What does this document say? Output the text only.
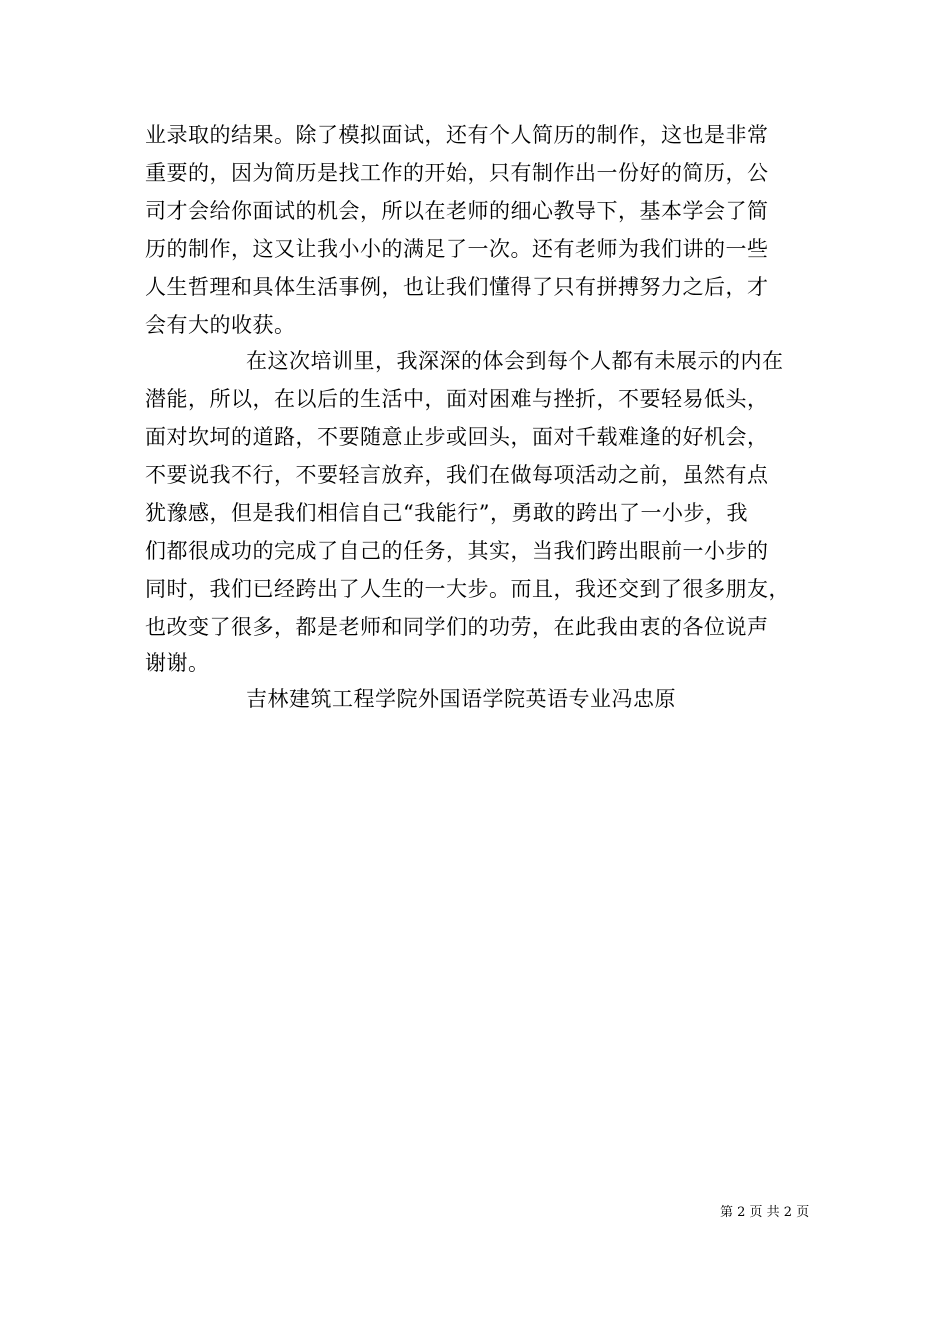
业录取的结果。除了模拟面试，还有个人简历的制作，这也是非常
重要的，因为简历是找工作的开始，只有制作出一份好的简历，公
司才会给你面试的机会，所以在老师的细心教导下，基本学会了简
历的制作，这又让我小小的满足了一次。还有老师为我们讲的一些
人生哲理和具体生活事例，也让我们懂得了只有拼搏努力之后，才
会有大的收获。
在这次培训里，我深深的体会到每个人都有未展示的内在
潜能，所以，在以后的生活中，面对困难与挫折，不要轻易低头，
面对坎坷的道路，不要随意止步或回头，面对千载难逢的好机会，
不要说我不行，不要轻言放弃，我们在做每项活动之前，虽然有点
犹豫感，但是我们相信自己“我能行”，勇敢的跨出了一小步，我
们都很成功的完成了自己的任务，其实，当我们跨出眼前一小步的
同时，我们已经跨出了人生的一大步。而且，我还交到了很多朋友，
也改变了很多，都是老师和同学们的功劳，在此我由衷的各位说声
谢谢。
吉林建筑工程学院外国语学院英语专业冯忠原
第 2 页 共 2 页
